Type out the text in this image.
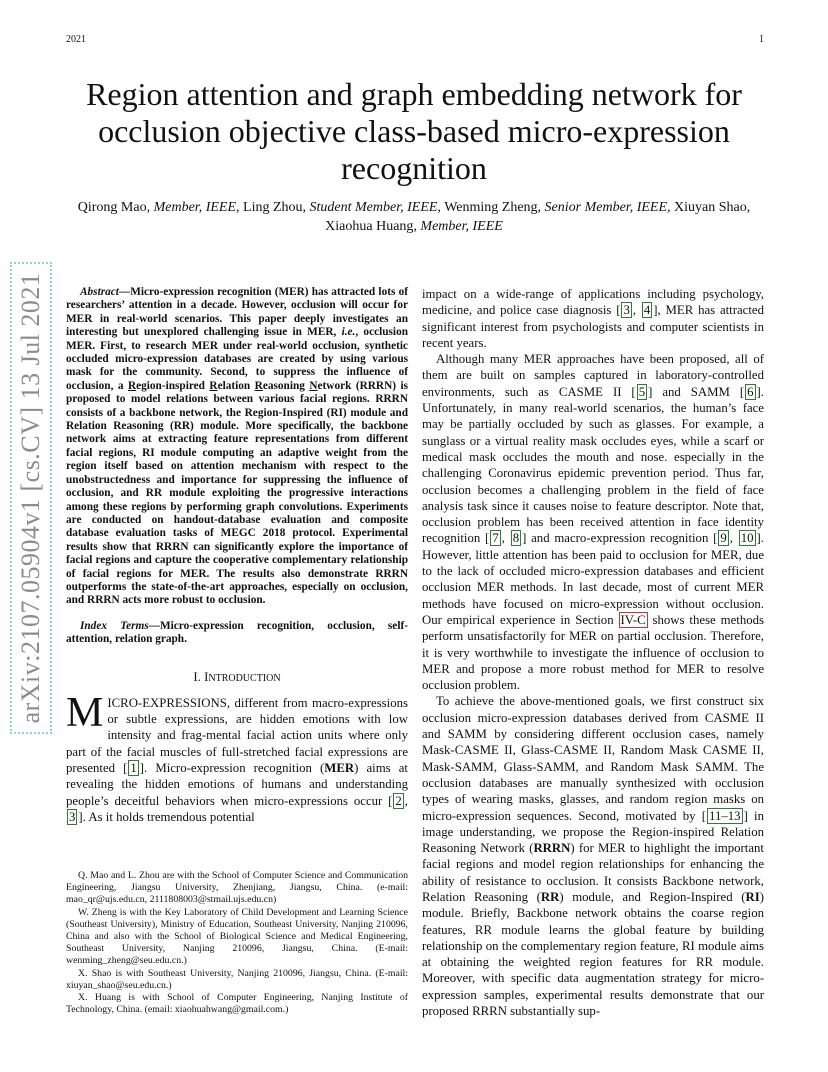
2021	1
arXiv:2107.05904v1 [cs.CV] 13 Jul 2021
Region attention and graph embedding network for occlusion objective class-based micro-expression recognition

Qirong Mao, Member, IEEE, Ling Zhou, Student Member, IEEE, Wenming Zheng, Senior Member, IEEE, Xiuyan Shao, Xiaohua Huang, Member, IEEE

Abstract—Micro-expression recognition (MER) has attracted lots of researchers’ attention in a decade. However, occlusion will occur for MER in real-world scenarios. This paper deeply investigates an interesting but unexplored challenging issue in MER, i.e., occlusion MER. First, to research MER under real-world occlusion, synthetic occluded micro-expression databases are created by using various mask for the community. Second, to suppress the influence of occlusion, a Region-inspired Relation Reasoning Network (RRRN) is proposed to model relations between various facial regions. RRRN consists of a backbone network, the Region-Inspired (RI) module and Relation Reasoning (RR) module. More specifically, the backbone network aims at extracting feature representations from different facial regions, RI module computing an adaptive weight from the region itself based on attention mechanism with respect to the unobstructedness and importance for suppressing the influence of occlusion, and RR module exploiting the progressive interactions among these regions by performing graph convolutions. Experiments are conducted on handout-database evaluation and composite database evaluation tasks of MEGC 2018 protocol. Experimental results show that RRRN can significantly explore the importance of facial regions and capture the cooperative complementary relationship of facial regions for MER. The results also demonstrate RRRN outperforms the state-of-the-art approaches, especially on occlusion, and RRRN acts more robust to occlusion.

Index Terms—Micro-expression recognition, occlusion, self-attention, relation graph.

I. INTRODUCTION

MICRO-EXPRESSIONS, different from macro-expressions or subtle expressions, are hidden emotions with low intensity and frag-mental facial action units where only part of the facial muscles of full-stretched facial expressions are presented [ 1 ]. Micro-expression recognition (MER) aims at revealing the hidden emotions of humans and understanding people’s deceitful behaviors when micro-expressions occur [ 2 , 3 ]. As it holds tremendous potential

Q. Mao and L. Zhou are with the School of Computer Science and Communication Engineering, Jiangsu University, Zhenjiang, Jiangsu, China. (e-mail: mao_qr@ujs.edu.cn, 2111808003@stmail.ujs.edu.cn)

W. Zheng is with the Key Laboratory of Child Development and Learning Science (Southeast University), Ministry of Education, Southeast University, Nanjing 210096, China and also with the School of Biological Science and Medical Engineering, Southeast University, Nanjing 210096, Jiangsu, China. (E-mail: wenming_zheng@seu.edu.cn.)

X. Shao is with Southeast University, Nanjing 210096, Jiangsu, China. (E-mail: xiuyan_shao@seu.edu.cn.)

X. Huang is with School of Computer Engineering, Nanjing Institute of Technology, China. (email: xiaohuahwang@gmail.com.)

impact on a wide-range of applications including psychology, medicine, and police case diagnosis [ 3 , 4 ], MER has attracted significant interest from psychologists and computer scientists in recent years.

Although many MER approaches have been proposed, all of them are built on samples captured in laboratory-controlled environments, such as CASME II [ 5 ] and SAMM [ 6 ]. Unfortunately, in many real-world scenarios, the human’s face may be partially occluded by such as glasses. For example, a sunglass or a virtual reality mask occludes eyes, while a scarf or medical mask occludes the mouth and nose. especially in the challenging Coronavirus epidemic prevention period. Thus far, occlusion becomes a challenging problem in the field of face analysis task since it causes noise to feature descriptor. Note that, occlusion problem has been received attention in face identity recognition [ 7 , 8 ] and macro-expression recognition [ 9 , 10 ]. However, little attention has been paid to occlusion for MER, due to the lack of occluded micro-expression databases and efficient occlusion MER methods. In last decade, most of current MER methods have focused on micro-expression without occlusion. Our empirical experience in Section IV-C shows these methods perform unsatisfactorily for MER on partial occlusion. Therefore, it is very worthwhile to investigate the influence of occlusion to MER and propose a more robust method for MER to resolve occlusion problem.

To achieve the above-mentioned goals, we first construct six occlusion micro-expression databases derived from CASME II and SAMM by considering different occlusion cases, namely Mask-CASME II, Glass-CASME II, Random Mask CASME II, Mask-SAMM, Glass-SAMM, and Random Mask SAMM. The occlusion databases are manually synthesized with occlusion types of wearing masks, glasses, and random region masks on micro-expression sequences. Second, motivated by [ 11–13 ] in image understanding, we propose the Region-inspired Relation Reasoning Network (RRRN) for MER to highlight the important facial regions and model region relationships for enhancing the ability of resistance to occlusion. It consists Backbone network, Relation Reasoning (RR) module, and Region-Inspired (RI) module. Briefly, Backbone network obtains the coarse region features, RR module learns the global feature by building relationship on the complementary region feature, RI module aims at obtaining the weighted region features for RR module. Moreover, with specific data augmentation strategy for micro-expression samples, experimental results demonstrate that our proposed RRRN substantially sup-
